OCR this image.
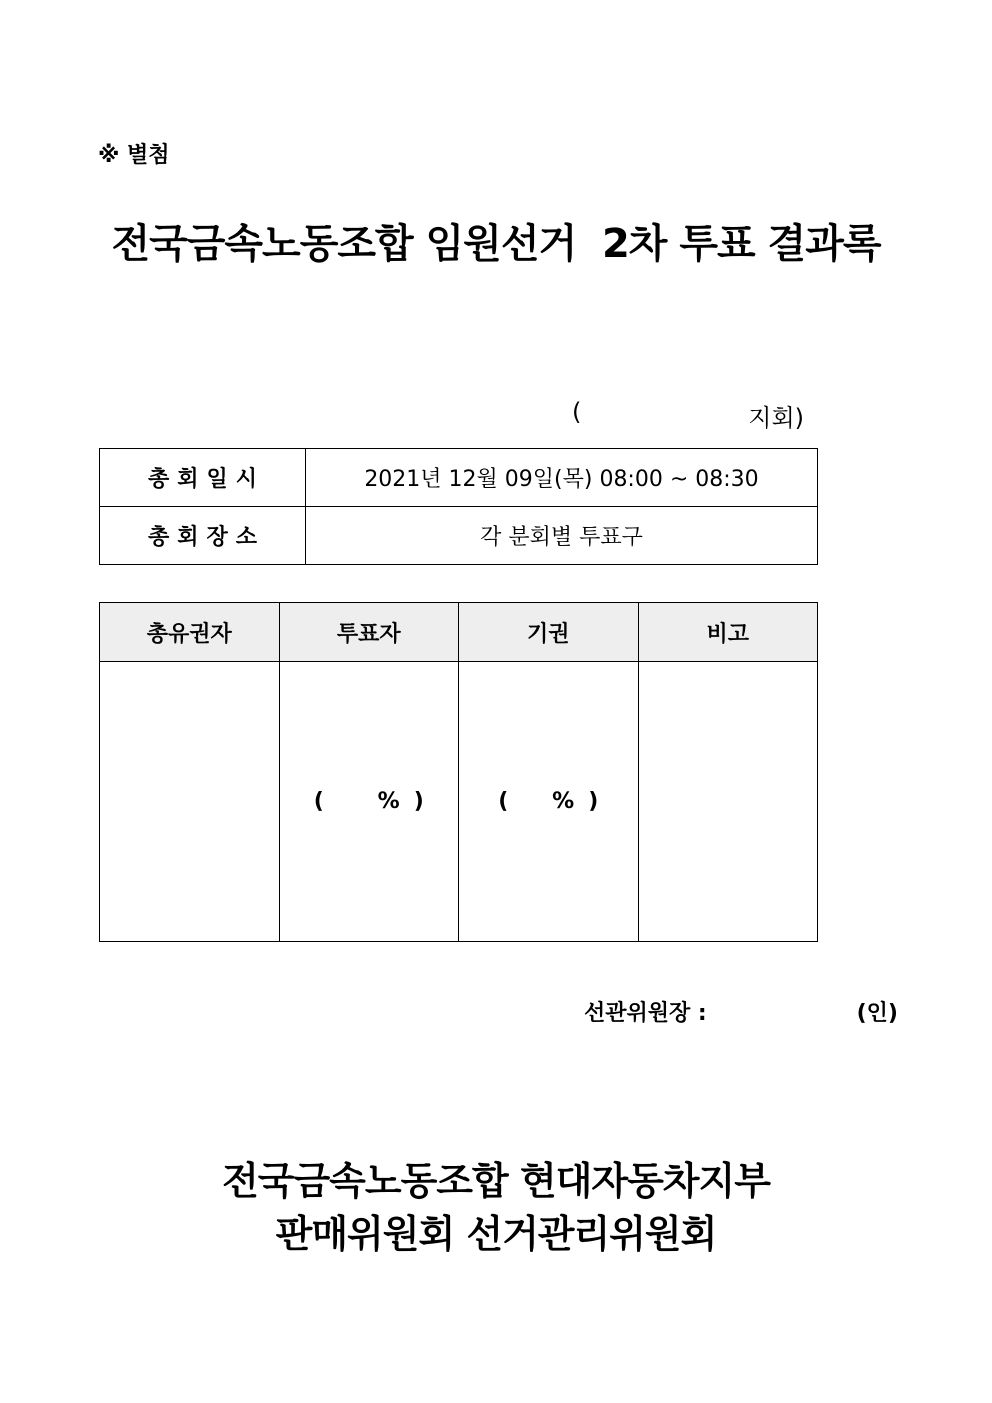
※ 별첨
전국금속노동조합 임원선거  2차 투표 결과록
(	지회)
총회일시	2021년 12월 09일(목) 08:00 ~ 08:30
총회장소	각 분회별 투표구
총유권자	투표자	기권	비고

	( % )	( % )	

선관위원장 :	(인)
전국금속노동조합 현대자동차지부
판매위원회 선거관리위원회
